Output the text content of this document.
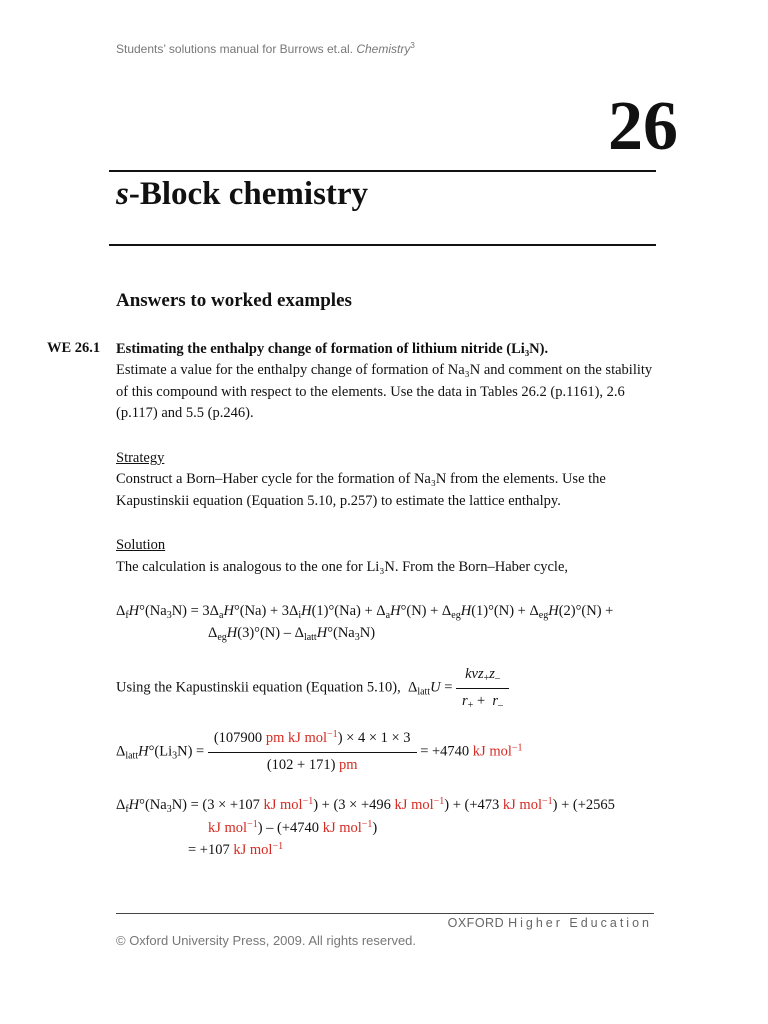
Students’ solutions manual for Burrows et.al. Chemistry$^3$
26
s-Block chemistry
Answers to worked examples
WE 26.1 Estimating the enthalpy change of formation of lithium nitride (Li₃N).
Estimate a value for the enthalpy change of formation of Na₃N and comment on the stability of this compound with respect to the elements. Use the data in Tables 26.2 (p.1161), 2.6 (p.117) and 5.5 (p.246).
Strategy
Construct a Born–Haber cycle for the formation of Na₃N from the elements. Use the Kapustinskii equation (Equation 5.10, p.257) to estimate the lattice enthalpy.
Solution
The calculation is analogous to the one for Li₃N. From the Born–Haber cycle,
$\Delta_fH^\circ(Na_3N) = 3\Delta_aH^\circ(Na) + 3\Delta_iH(1)^\circ(Na) + \Delta_aH^\circ(N) + \Delta_{eg}H(1)^\circ(N) + \Delta_{eg}H(2)^\circ(N)$ +
$\Delta_{eg}H(3)^\circ(N) - \Delta_{latt}H^\circ(Na_3N)$
Using the Kapustinskii equation (Equation 5.10),  $\Delta_{latt}U = \frac{kvz_+z_-}{r_+ + r_-}$
$\Delta_{latt}H^\circ(Li_3N) = \frac{(107900 pm kJ mol^{-1}) \times 4 \times 1 \times 3}{(102 + 171) pm} = +4740$ kJ mol$^{-1}$
$\Delta_fH^\circ(Na_3N) = (3 \times +107$ kJ mol$^{-1}$) + (3 × +496 kJ mol$^{-1}$) + (+473 kJ mol$^{-1}$) + (+2565
kJ mol$^{-1}$) – (+4740 kJ mol$^{-1}$)
= +107 kJ mol$^{-1}$
OXFORD Higher Education
© Oxford University Press, 2009. All rights reserved.
